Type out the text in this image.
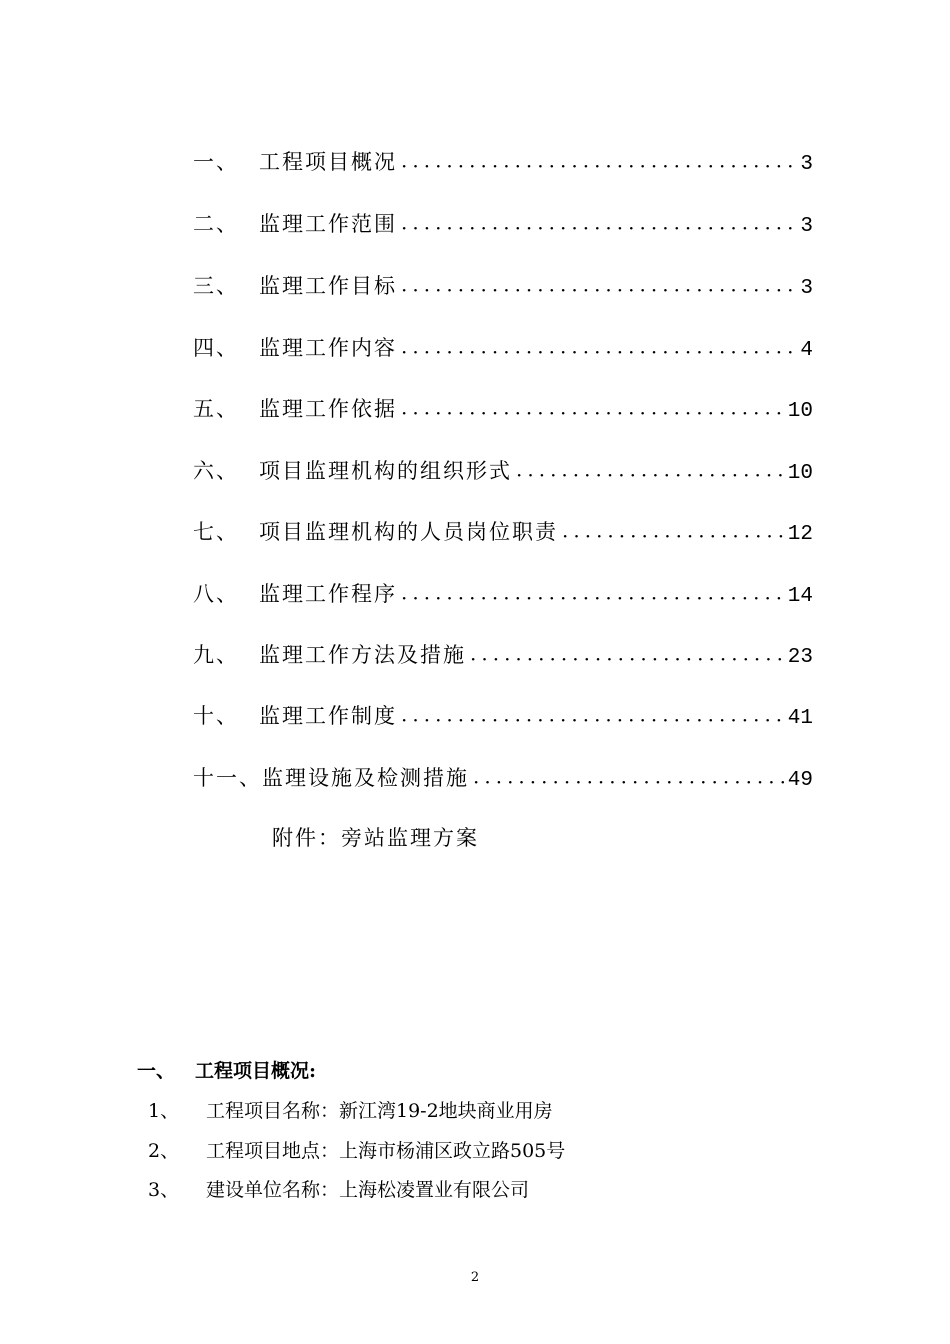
一、 工程项目概况 ·····	3
二、 监理工作范围 ·····	3
三、 监理工作目标 ·····	3
四、 监理工作内容 ·····	4
五、 监理工作依据 ·····	10
六、 项目监理机构的组织形式 ·····	10
七、 项目监理机构的人员岗位职责 ·····	12
八、 监理工作程序 ·····	14
九、 监理工作方法及措施 ·····	23
十、 监理工作制度 ·····	41
十一、 监理设施及检测措施 ·····	49
附件：旁站监理方案
一、 工程项目概况:
1、 工程项目名称：新江湾19-2地块商业用房
2、 工程项目地点：上海市杨浦区政立路505号
3、 建设单位名称：上海松凌置业有限公司
2
